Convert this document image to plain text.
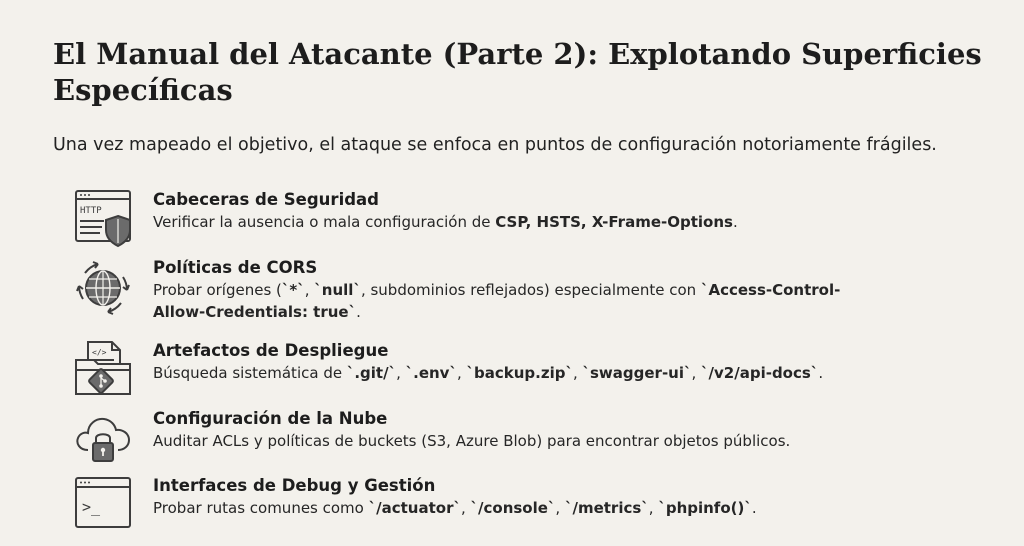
El Manual del Atacante (Parte 2): Explotando Superficies Específicas

Una vez mapeado el objetivo, el ataque se enfoca en puntos de configuración notoriamente frágiles.

HTTP
Cabeceras de Seguridad
Verificar la ausencia o mala configuración de CSP, HSTS, X-Frame-Options.
Políticas de CORS
Probar orígenes (`*`, `null`, subdominios reflejados) especialmente con `Access-Control-Allow-Credentials: true`.
</>	Artefactos de Despliegue
Búsqueda sistemática de `.git/`, `.env`, `backup.zip`, `swagger-ui`, `/v2/api-docs`.
Configuración de la Nube
Auditar ACLs y políticas de buckets (S3, Azure Blob) para encontrar objetos públicos.
>_
Interfaces de Debug y Gestión
Probar rutas comunes como `/actuator`, `/console`, `/metrics`, `phpinfo()`.
